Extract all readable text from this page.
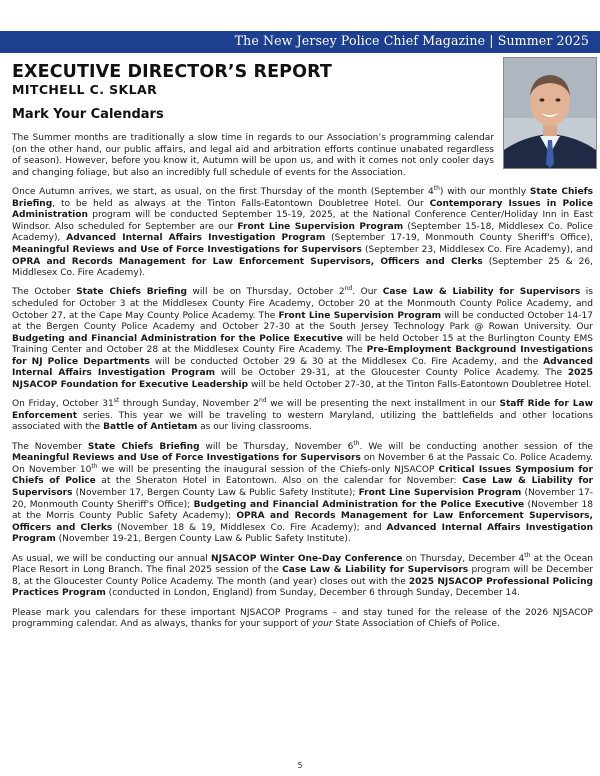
The New Jersey Police Chief Magazine | Summer 2025
EXECUTIVE DIRECTOR’S REPORT
MITCHELL C. SKLAR
Mark Your Calendars

The Summer months are traditionally a slow time in regards to our Association’s programming calendar (on the other hand, our public affairs, and legal aid and arbitration efforts continue unabated regardless of season). However, before you know it, Autumn will be upon us, and with it comes not only cooler days and changing foliage, but also an incredibly full schedule of events for the Association.

Once Autumn arrives, we start, as usual, on the first Thursday of the month (September 4th) with our monthly State Chiefs Briefing, to be held as always at the Tinton Falls-Eatontown Doubletree Hotel. Our Contemporary Issues in Police Administration program will be conducted September 15-19, 2025, at the National Conference Center/Holiday Inn in East Windsor. Also scheduled for September are our Front Line Supervision Program (September 15-18, Middlesex Co. Police Academy), Advanced Internal Affairs Investigation Program (September 17-19, Monmouth County Sheriff's Office), Meaningful Reviews and Use of Force Investigations for Supervisors (September 23, Middlesex Co. Fire Academy), and OPRA and Records Management for Law Enforcement Supervisors, Officers and Clerks (September 25 & 26, Middlesex Co. Fire Academy).

The October State Chiefs Briefing will be on Thursday, October 2nd. Our Case Law & Liability for Supervisors is scheduled for October 3 at the Middlesex County Fire Academy, October 20 at the Monmouth County Police Academy, and October 27, at the Cape May County Police Academy. The Front Line Supervision Program will be conducted October 14-17 at the Bergen County Police Academy and October 27-30 at the South Jersey Technology Park @ Rowan University. Our Budgeting and Financial Administration for the Police Executive will be held October 15 at the Burlington County EMS Training Center and October 28 at the Middlesex County Fire Academy. The Pre-Employment Background Investigations for NJ Police Departments will be conducted October 29 & 30 at the Middlesex Co. Fire Academy, and the Advanced Internal Affairs Investigation Program will be October 29-31, at the Gloucester County Police Academy. The 2025 NJSACOP Foundation for Executive Leadership will be held October 27-30, at the Tinton Falls-Eatontown Doubletree Hotel.

On Friday, October 31st through Sunday, November 2nd we will be presenting the next installment in our Staff Ride for Law Enforcement series. This year we will be traveling to western Maryland, utilizing the battlefields and other locations associated with the Battle of Antietam as our living classrooms.

The November State Chiefs Briefing will be Thursday, November 6th. We will be conducting another session of the Meaningful Reviews and Use of Force Investigations for Supervisors on November 6 at the Passaic Co. Police Academy. On November 10th we will be presenting the inaugural session of the Chiefs-only NJSACOP Critical Issues Symposium for Chiefs of Police at the Sheraton Hotel in Eatontown. Also on the calendar for November: Case Law & Liability for Supervisors (November 17, Bergen County Law & Public Safety Institute); Front Line Supervision Program (November 17-20, Monmouth County Sheriff's Office); Budgeting and Financial Administration for the Police Executive (November 18 at the Morris County Public Safety Academy); OPRA and Records Management for Law Enforcement Supervisors, Officers and Clerks (November 18 & 19, Middlesex Co. Fire Academy); and Advanced Internal Affairs Investigation Program (November 19-21, Bergen County Law & Public Safety Institute).

As usual, we will be conducting our annual NJSACOP Winter One-Day Conference on Thursday, December 4th at the Ocean Place Resort in Long Branch. The final 2025 session of the Case Law & Liability for Supervisors program will be December 8, at the Gloucester County Police Academy. The month (and year) closes out with the 2025 NJSACOP Professional Policing Practices Program (conducted in London, England) from Sunday, December 6 through Sunday, December 14.

Please mark you calendars for these important NJSACOP Programs – and stay tuned for the release of the 2026 NJSACOP programming calendar. And as always, thanks for your support of your State Association of Chiefs of Police.

5
